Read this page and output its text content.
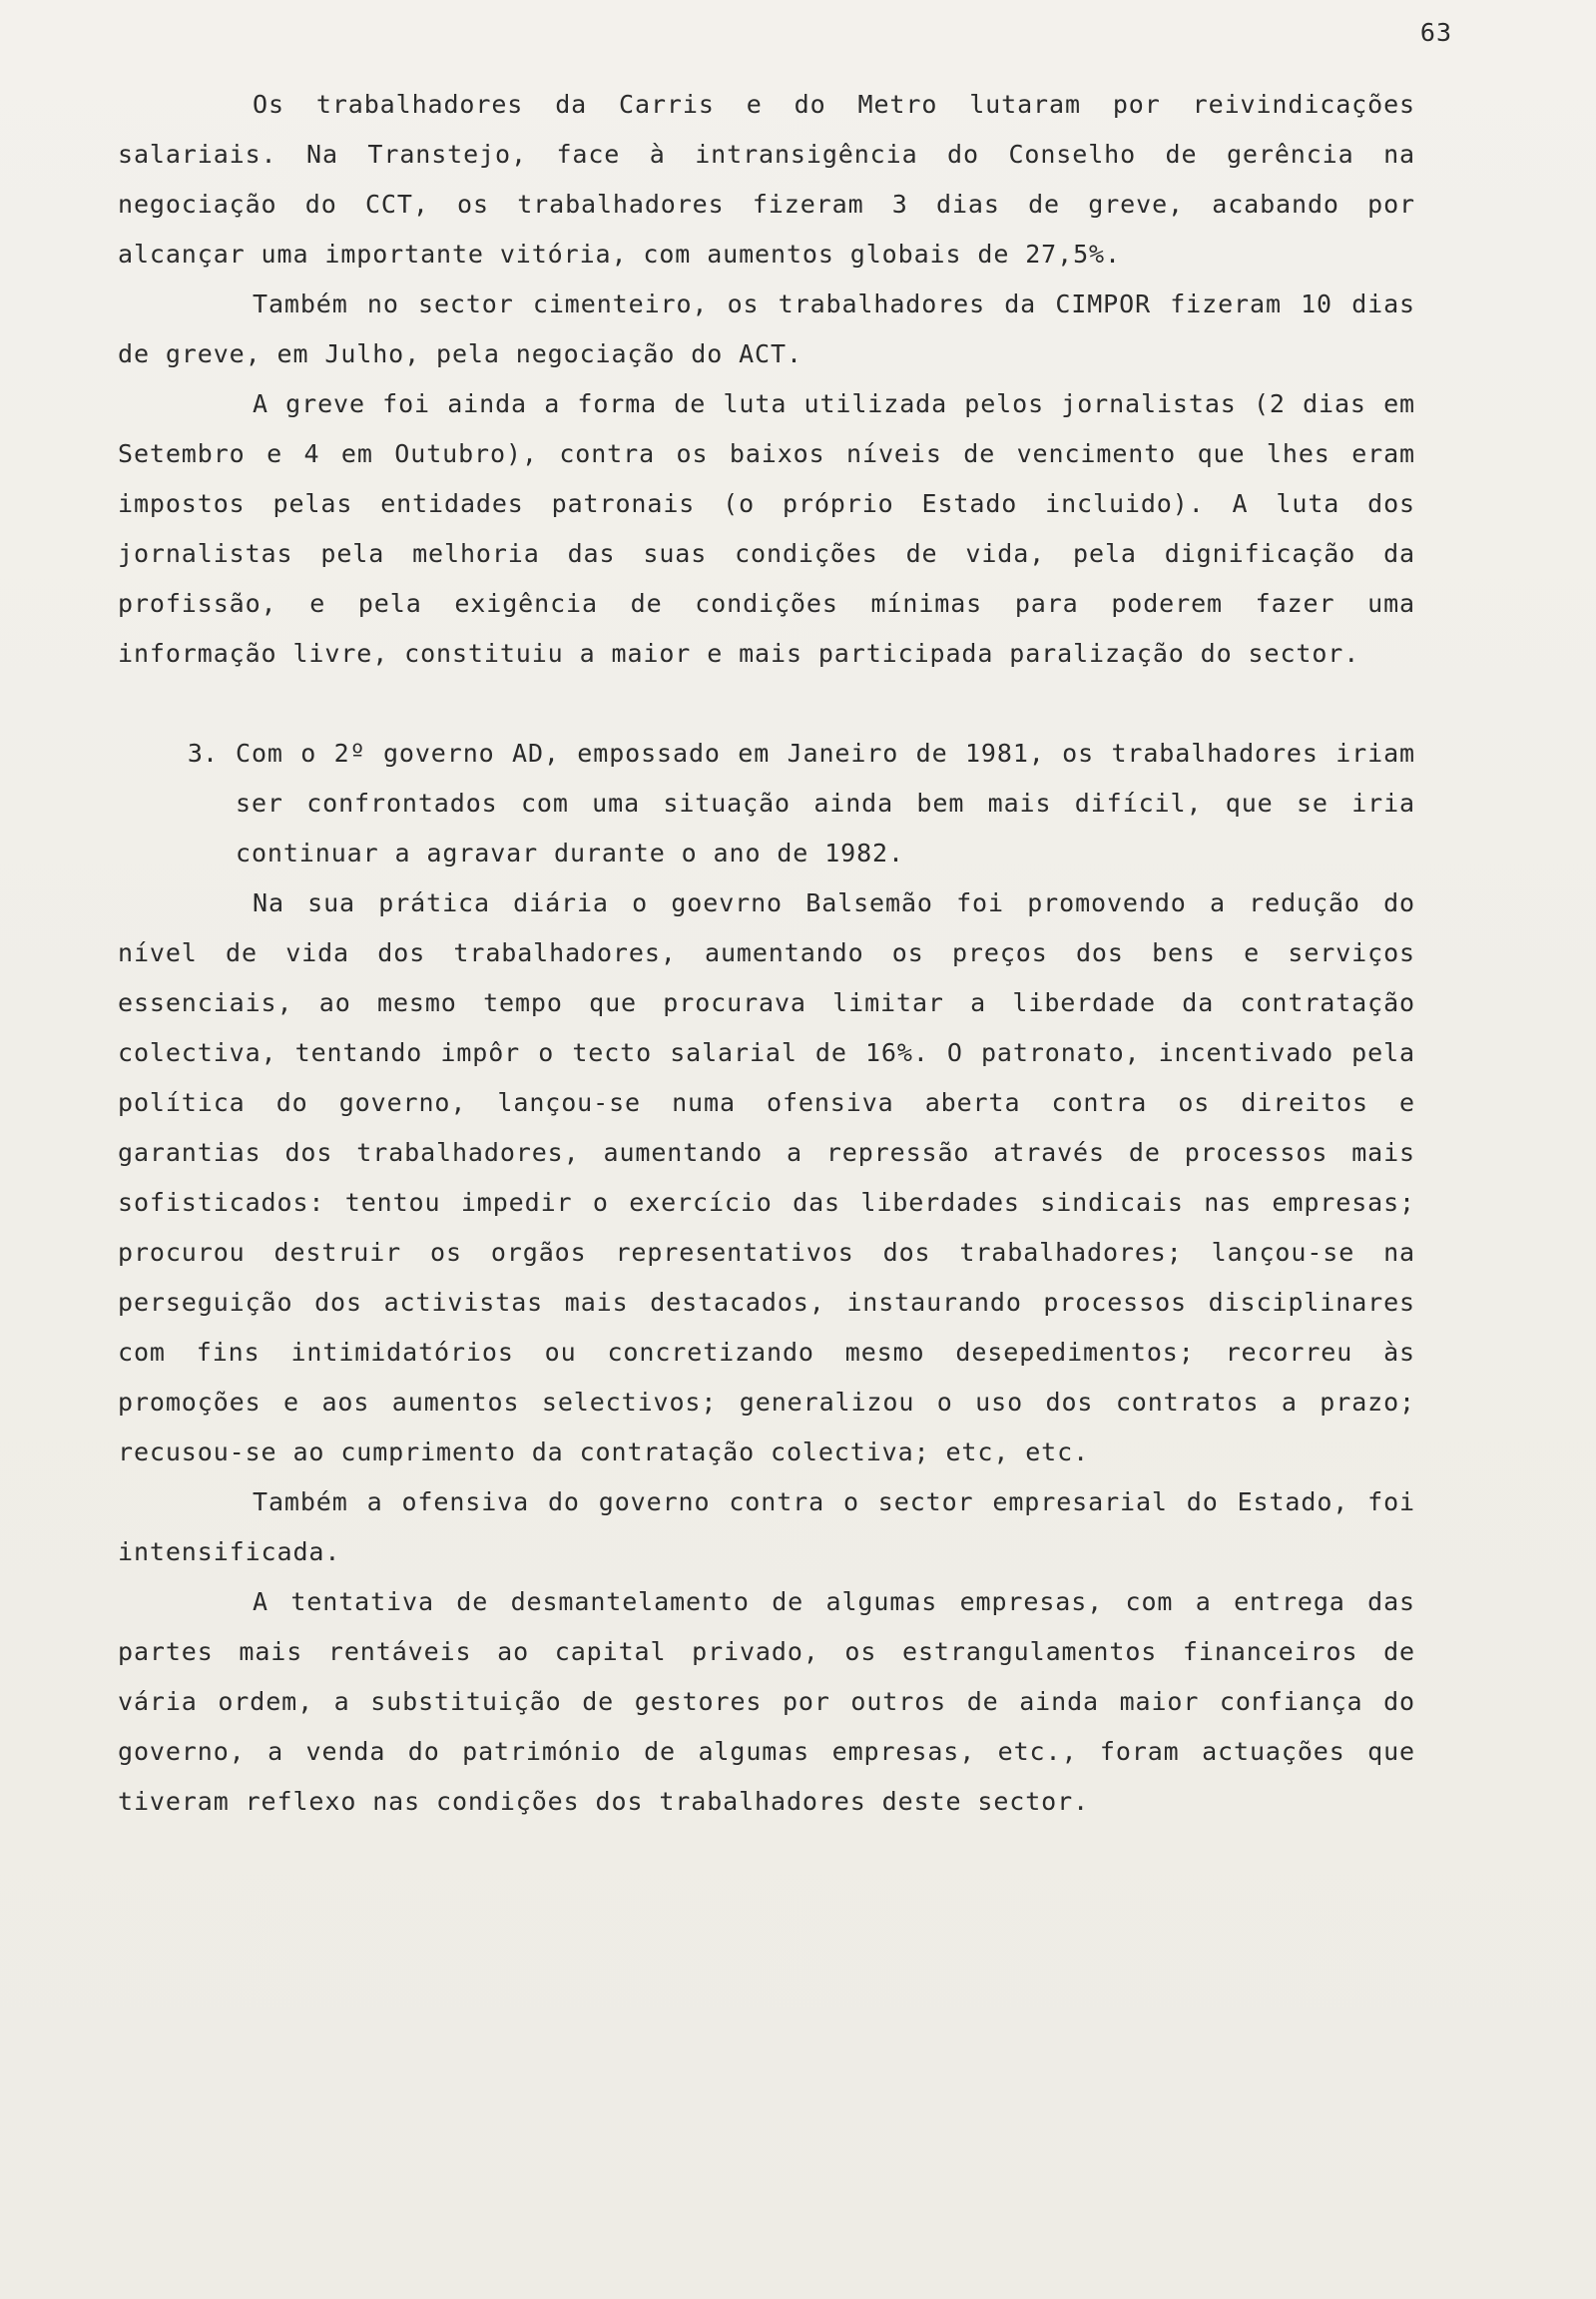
63

Os trabalhadores da Carris e do Metro lutaram por reivindicações salariais. Na Transtejo, face à intransigência do Conselho de gerência na negociação do CCT, os trabalhadores fizeram 3 dias de greve, acabando por alcançar uma importante vitória, com aumentos globais de 27,5%.

Também no sector cimenteiro, os trabalhadores da CIMPOR fizeram 10 dias de greve, em Julho, pela negociação do ACT.

A greve foi ainda a forma de luta utilizada pelos jornalistas (2 dias em Setembro e 4 em Outubro), contra os baixos níveis de vencimento que lhes eram impostos pelas entidades patronais (o próprio Estado incluido). A luta dos jornalistas pela melhoria das suas condições de vida, pela dignificação da profissão, e pela exigência de condições mínimas para poderem fazer uma informação livre, constituiu a maior e mais participada paralização do sector.

3. Com o 2º governo AD, empossado em Janeiro de 1981, os trabalhadores iriam ser confrontados com uma situação ainda bem mais difícil, que se iria continuar a agravar durante o ano de 1982.

Na sua prática diária o goevrno Balsemão foi promovendo a redução do nível de vida dos trabalhadores, aumentando os preços dos bens e serviços essenciais, ao mesmo tempo que procurava limitar a liberdade da contratação colectiva, tentando impôr o tecto salarial de 16%. O patronato, incentivado pela política do governo, lançou-se numa ofensiva aberta contra os direitos e garantias dos trabalhadores, aumentando a repressão através de processos mais sofisticados: tentou impedir o exercício das liberdades sindicais nas empresas; procurou destruir os orgãos representativos dos trabalhadores; lançou-se na perseguição dos activistas mais destacados, instaurando processos disciplinares com fins intimidatórios ou concretizando mesmo desepedimentos; recorreu às promoções e aos aumentos selectivos; generalizou o uso dos contratos a prazo; recusou-se ao cumprimento da contratação colectiva; etc, etc.

Também a ofensiva do governo contra o sector empresarial do Estado, foi intensificada.

A tentativa de desmantelamento de algumas empresas, com a entrega das partes mais rentáveis ao capital privado, os estrangulamentos financeiros de vária ordem, a substituição de gestores por outros de ainda maior confiança do governo, a venda do património de algumas empresas, etc., foram actuações que tiveram reflexo nas condições dos trabalhadores deste sector.
